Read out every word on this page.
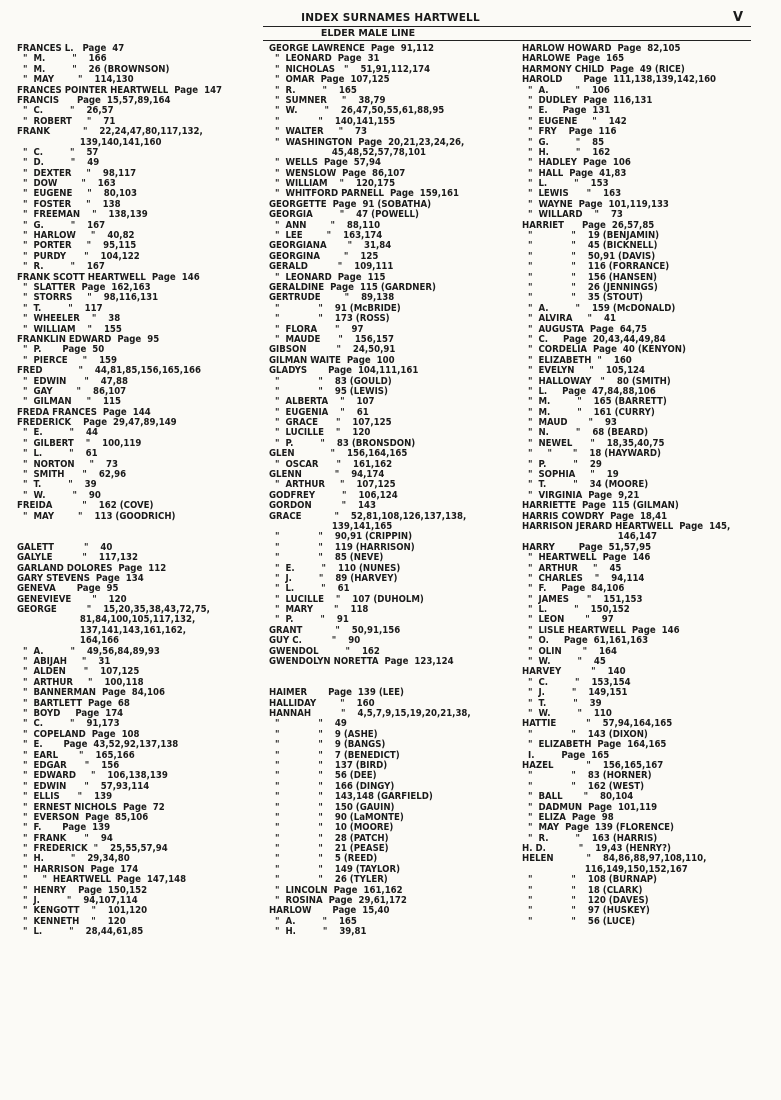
INDEX SURNAMES HARTWELL	V
ELDER MALE LINE
FRANCES L.   Page  47
"  M.         "    166
"  M.         "    26 (BROWNSON)
"  MAY        "    114,130
FRANCES POINTER HEARTWELL  Page  147
FRANCIS      Page  15,57,89,164
"  C.         "    26,57
"  ROBERT     "    71
FRANK           "    22,24,47,80,117,132,
139,140,141,160
"  C.         "    57
"  D.         "    49
"  DEXTER     "    98,117
"  DOW        "    163
"  EUGENE     "    80,103
"  FOSTER     "    138
"  FREEMAN    "    138,139
"  G.         "    167
"  HARLOW     "    40,82
"  PORTER     "    95,115
"  PURDY      "    104,122
"  R.         "    167
FRANK SCOTT HEARTWELL  Page  146
"  SLATTER  Page  162,163
"  STORRS     "    98,116,131
"  T.         "    117
"  WHEELER    "    38
"  WILLIAM    "    155
FRANKLIN EDWARD  Page  95
"  P.       Page  50
"  PIERCE     "    159
FRED            "    44,81,85,156,165,166
"  EDWIN      "    47,88
"  GAY        "    86,107
"  GILMAN     "    115
FREDA FRANCES  Page  144
FREDERICK    Page  29,47,89,149
"  E.         "    44
"  GILBERT    "    100,119
"  L.         "    61
"  NORTON     "    73
"  SMITH      "    62,96
"  T.         "    39
"  W.         "    90
FREIDA          "    162 (COVE)
"  MAY        "    113 (GOODRICH)
GALETT          "    40
GALYLE          "    117,132
GARLAND DOLORES  Page  112
GARY STEVENS  Page  134
GENEVA       Page  95
GENEVIEVE       "    120
GEORGE          "    15,20,35,38,43,72,75,
81,84,100,105,117,132,
137,141,143,161,162,
164,166
"  A.         "    49,56,84,89,93
"  ABIJAH     "    31
"  ALDEN      "    107,125
"  ARTHUR     "    100,118
"  BANNERMAN  Page  84,106
"  BARTLETT  Page  68
"  BOYD     Page  174
"  C.         "    91,173
"  COPELAND  Page  108
"  E.       Page  43,52,92,137,138
"  EARL       "    165,166
"  EDGAR      "    156
"  EDWARD     "    106,138,139
"  EDWIN      "    57,93,114
"  ELLIS      "    139
"  ERNEST NICHOLS  Page  72
"  EVERSON  Page  85,106
"  F.       Page  139
"  FRANK      "    94
"  FREDERICK  "    25,55,57,94
"  H.         "    29,34,80
"  HARRISON  Page  174
"     "  HEARTWELL  Page  147,148
"  HENRY    Page  150,152
"  J.         "    94,107,114
"  KENGOTT    "    101,120
"  KENNETH    "    120
"  L.         "    28,44,61,85
GEORGE LAWRENCE  Page  91,112
"  LEONARD  Page  31
"  NICHOLAS   "    51,91,112,174
"  OMAR  Page  107,125
"  R.         "    165
"  SUMNER     "    38,79
"  W.         "    26,47,50,55,61,88,95
"             "    140,141,155
"  WALTER     "    73
"  WASHINGTON  Page  20,21,23,24,26,
45,48,52,57,78,101
"  WELLS  Page  57,94
"  WENSLOW  Page  86,107
"  WILLIAM    "    120,175
"  WHITFORD PARNELL  Page  159,161
GEORGETTE  Page  91 (SOBATHA)
GEORGIA         "    47 (POWELL)
"  ANN        "    88,110
"  LEE        "    163,174
GEORGIANA       "    31,84
GEORGINA        "    125
GERALD          "    109,111
"  LEONARD  Page  115
GERALDINE  Page  115 (GARDNER)
GERTRUDE        "    89,138
"             "    91 (McBRIDE)
"             "    173 (ROSS)
"  FLORA      "    97
"  MAUDE      "    156,157
GIBSON          "    24,50,91
GILMAN WAITE  Page  100
GLADYS       Page  104,111,161
"             "    83 (GOULD)
"             "    95 (LEWIS)
"  ALBERTA    "    107
"  EUGENIA    "    61
"  GRACE      "    107,125
"  LUCILLE    "    120
"  P.         "    83 (BRONSDON)
GLEN            "    156,164,165
"  OSCAR      "    161,162
GLENN           "    94,174
"  ARTHUR     "    107,125
GODFREY         "    106,124
GORDON          "    143
GRACE           "    52,81,108,126,137,138,
139,141,165
"             "    90,91 (CRIPPIN)
"             "    119 (HARRISON)
"             "    85 (NEVE)
"  E.         "    110 (NUNES)
"  J.         "    89 (HARVEY)
"  L.         "    61
"  LUCILLE    "    107 (DUHOLM)
"  MARY       "    118
"  P.         "    91
GRANT           "    50,91,156
GUY C.          "    90
GWENDOL         "    162
GWENDOLYN NORETTA  Page  123,124
HAIMER       Page  139 (LEE)
HALLIDAY        "    160
HANNAH          "    4,5,7,9,15,19,20,21,38,
"             "    49
"             "    9 (ASHE)
"             "    9 (BANGS)
"             "    7 (BENEDICT)
"             "    137 (BIRD)
"             "    56 (DEE)
"             "    166 (DINGY)
"             "    143,148 (GARFIELD)
"             "    150 (GAUIN)
"             "    90 (LaMONTE)
"             "    10 (MOORE)
"             "    28 (PATCH)
"             "    21 (PEASE)
"             "    5 (REED)
"             "    149 (TAYLOR)
"             "    26 (TYLER)
"  LINCOLN  Page  161,162
"  ROSINA  Page  29,61,172
HARLOW       Page  15,40
"  A.         "    165
"  H.         "    39,81
HARLOW HOWARD  Page  82,105
HARLOWE  Page  165
HARMONY CHILD  Page  49 (RICE)
HAROLD       Page  111,138,139,142,160
"  A.         "    106
"  DUDLEY  Page  116,131
"  E.     Page  131
"  EUGENE     "    142
"  FRY    Page  116
"  G.         "    85
"  H.         "    162
"  HADLEY  Page  106
"  HALL  Page  41,83
"  L.         "    153
"  LEWIS      "    163
"  WAYNE  Page  101,119,133
"  WILLARD    "    73
HARRIET      Page  26,57,85
"             "    19 (BENJAMIN)
"             "    45 (BICKNELL)
"             "    50,91 (DAVIS)
"             "    116 (FORRANCE)
"             "    156 (HANSEN)
"             "    26 (JENNINGS)
"             "    35 (STOUT)
"  A.         "    159 (McDONALD)
"  ALVIRA     "    41
"  AUGUSTA  Page  64,75
"  C.     Page  20,43,44,49,84
"  CORDELIA  Page  40 (KENYON)
"  ELIZABETH  "    160
"  EVELYN     "    105,124
"  HALLOWAY   "    80 (SMITH)
"  L.     Page  47,84,88,106
"  M.         "    165 (BARRETT)
"  M.         "    161 (CURRY)
"  MAUD       "    93
"  N.         "    68 (BEARD)
"  NEWEL      "    18,35,40,75
"     "       "    18 (HAYWARD)
"  P.         "    29
"  SOPHIA     "    19
"  T.         "    34 (MOORE)
"  VIRGINIA  Page  9,21
HARRIETTE  Page  115 (GILMAN)
HARRIS COWDRY  Page  18,41
HARRISON JERARD HEARTWELL  Page  145,
146,147
HARRY        Page  51,57,95
"  HEARTWELL  Page  146
"  ARTHUR     "    45
"  CHARLES    "    94,114
"  F.     Page  84,106
"  JAMES      "    151,153
"  L.         "    150,152
"  LEON       "    97
"  LISLE HEARTWELL  Page  146
"  O.     Page  61,161,163
"  OLIN       "    164
"  W.         "    45
HARVEY          "    140
"  C.         "    153,154
"  J.         "    149,151
"  T.         "    39
"  W.         "    110
HATTIE          "    57,94,164,165
"             "    143 (DIXON)
"  ELIZABETH  Page  164,165
I.         Page  165
HAZEL           "    156,165,167
"             "    83 (HORNER)
"             "    162 (WEST)
"  BALL       "    80,104
"  DADMUN  Page  101,119
"  ELIZA  Page  98
"  MAY  Page  139 (FLORENCE)
"  R.         "    163 (HARRIS)
H. D.           "    19,43 (HENRY?)
HELEN           "    84,86,88,97,108,110,
116,149,150,152,167
"             "    108 (BURNAP)
"             "    18 (CLARK)
"             "    120 (DAVES)
"             "    97 (HUSKEY)
"             "    56 (LUCE)
